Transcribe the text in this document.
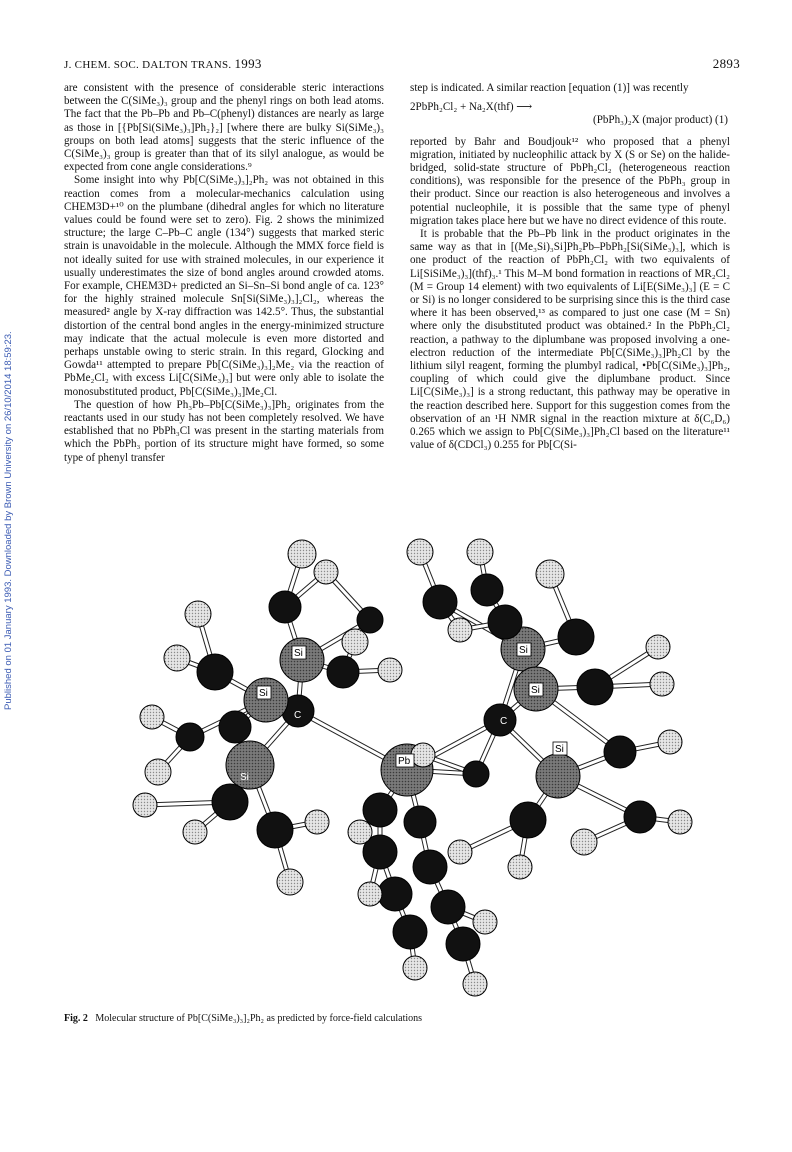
J. CHEM. SOC. DALTON TRANS. 1993	2893
Published on 01 January 1993. Downloaded by Brown University on 26/10/2014 18:59:23.

are consistent with the presence of considerable steric interactions between the C(SiMe₃)₃ group and the phenyl rings on both lead atoms. The fact that the Pb–Pb and Pb–C(phenyl) distances are nearly as large as those in [{Pb[Si(SiMe₃)₃]Ph₂}₂] [where there are bulky Si(SiMe₃)₃ groups on both lead atoms] suggests that the steric influence of the C(SiMe₃)₃ group is greater than that of its silyl analogue, as would be expected from cone angle considerations.⁹

Some insight into why Pb[C(SiMe₃)₃]₂Ph₂ was not obtained in this reaction comes from a molecular-mechanics calculation using CHEM3D+¹⁰ on the plumbane (dihedral angles for which no literature values could be found were set to zero). Fig. 2 shows the minimized structure; the large C–Pb–C angle (134°) suggests that marked steric strain is unavoidable in the molecule. Although the MMX force field is not ideally suited for use with strained molecules, in our experience it usually underestimates the size of bond angles around crowded atoms. For example, CHEM3D+ predicted an Si–Sn–Si bond angle of ca. 123° for the highly strained molecule Sn[Si(SiMe₃)₃]₂Cl₂, whereas the measured² angle by X-ray diffraction was 142.5°. Thus, the substantial distortion of the central bond angles in the energy-minimized structure may indicate that the actual molecule is even more distorted and perhaps unstable owing to steric strain. In this regard, Glocking and Gowda¹¹ attempted to prepare Pb[C(SiMe₃)₃]₂Me₂ via the reaction of PbMe₂Cl₂ with excess Li[C(SiMe₃)₃] but were only able to isolate the monosubstituted product, Pb[C(SiMe₃)₃]Me₂Cl.

The question of how Ph₃Pb–Pb[C(SiMe₃)₃]Ph₂ originates from the reactants used in our study has not been completely resolved. We have established that no PbPh₃Cl was present in the starting materials from which the PbPh₃ portion of its structure might have formed, so some type of phenyl transfer

step is indicated. A similar reaction [equation (1)] was recently

2PbPh₂Cl₂ + Na₂X(thf) ⟶
(PbPh₃)₂X (major product) (1)

reported by Bahr and Boudjouk¹² who proposed that a phenyl migration, initiated by nucleophilic attack by X (S or Se) on the halide-bridged, solid-state structure of PbPh₂Cl₂ (heterogeneous reaction conditions), was responsible for the presence of the PbPh₃ group in their product. Since our reaction is also heterogeneous and involves a potential nucleophile, it is possible that the same type of phenyl migration takes place here but we have no direct evidence of this route.

It is probable that the Pb–Pb link in the product originates in the same way as that in [(Me₃Si)₃Si]Ph₂Pb–PbPh₂[Si(SiMe₃)₃], which is one product of the reaction of PbPh₂Cl₂ with two equivalents of Li[SiSiMe₃)₃](thf)₃.¹ This M–M bond formation in reactions of MR₂Cl₂ (M = Group 14 element) with two equivalents of Li[E(SiMe₃)₃] (E = C or Si) is no longer considered to be surprising since this is the third case where it has been observed,¹³ as compared to just one case (M = Sn) where only the disubstituted product was obtained.² In the PbPh₂Cl₂ reaction, a pathway to the diplumbane was proposed involving a one-electron reduction of the intermediate Pb[C(SiMe₃)₃]Ph₂Cl by the lithium silyl reagent, forming the plumbyl radical, •Pb[C(SiMe₃)₃]Ph₂, coupling of which could give the diplumbane product. Since Li[C(SiMe₃)₃] is a strong reductant, this pathway may be operative in the reaction described here. Support for this suggestion comes from the observation of an ¹H NMR signal in the reaction mixture at δ(C₆D₆) 0.265 which we assign to Pb[C(SiMe₃)₃]Ph₂Cl based on the literature¹¹ value of δ(CDCl₃) 0.255 for Pb[C(Si-

Si
Si
C
Si
Pb
Si
Si
C
Si
Fig. 2 Molecular structure of Pb[C(SiMe₃)₃]₂Ph₂ as predicted by force-field calculations
